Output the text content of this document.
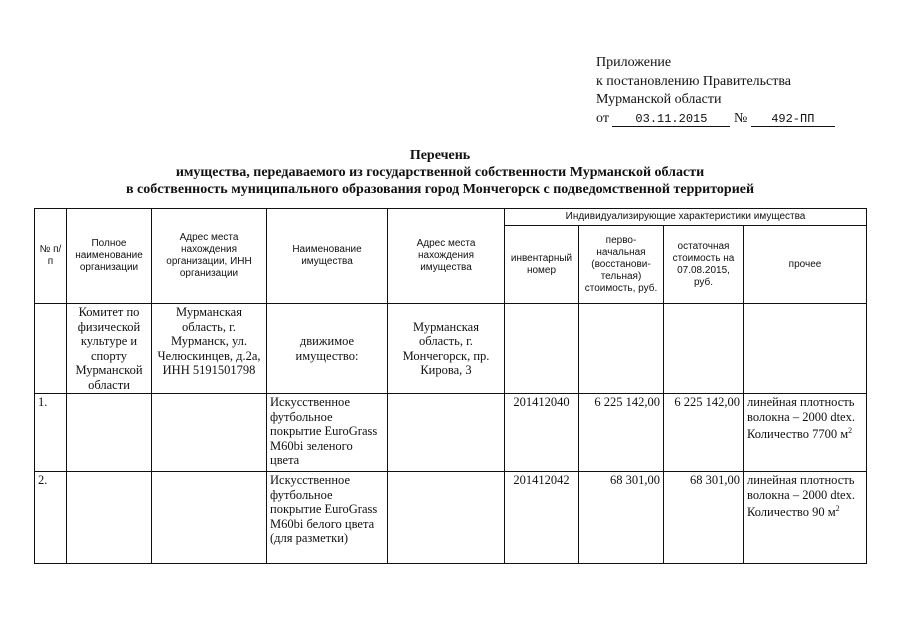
Приложение
к постановлению Правительства
Мурманской области
от 03.11.2015 № 492-ПП
Перечень
имущества, передаваемого из государственной собственности Мурманской области
в собственность муниципального образования город Мончегорск с подведомственной территорией
№ п/п	Полное наименование организации	Адрес места нахождения организации, ИНН организации	Наименование имущества	Адрес места нахождения имущества	Индивидуализирующие характеристики имущества			
					инвентарный номер	перво-начальная (восстанови-тельная) стоимость, руб.	остаточная стоимость на 07.08.2015, руб.	прочее
	Комитет по физической культуре и спорту Мурманской области	Мурманская область, г. Мурманск, ул. Челюскинцев, д.2а, ИНН 5191501798	движимое имущество:	Мурманская область, г. Мончегорск, пр. Кирова, 3				
1.			Искусственное футбольное покрытие EuroGrass M60bi зеленого цвета		201412040	6 225 142,00	6 225 142,00	линейная плотность волокна – 2000 dtex. Количество 7700 $м^2$
2.			Искусственное футбольное покрытие EuroGrass M60bi белого цвета (для разметки)		201412042	68 301,00	68 301,00	линейная плотность волокна – 2000 dtex. Количество 90 $м^2$
